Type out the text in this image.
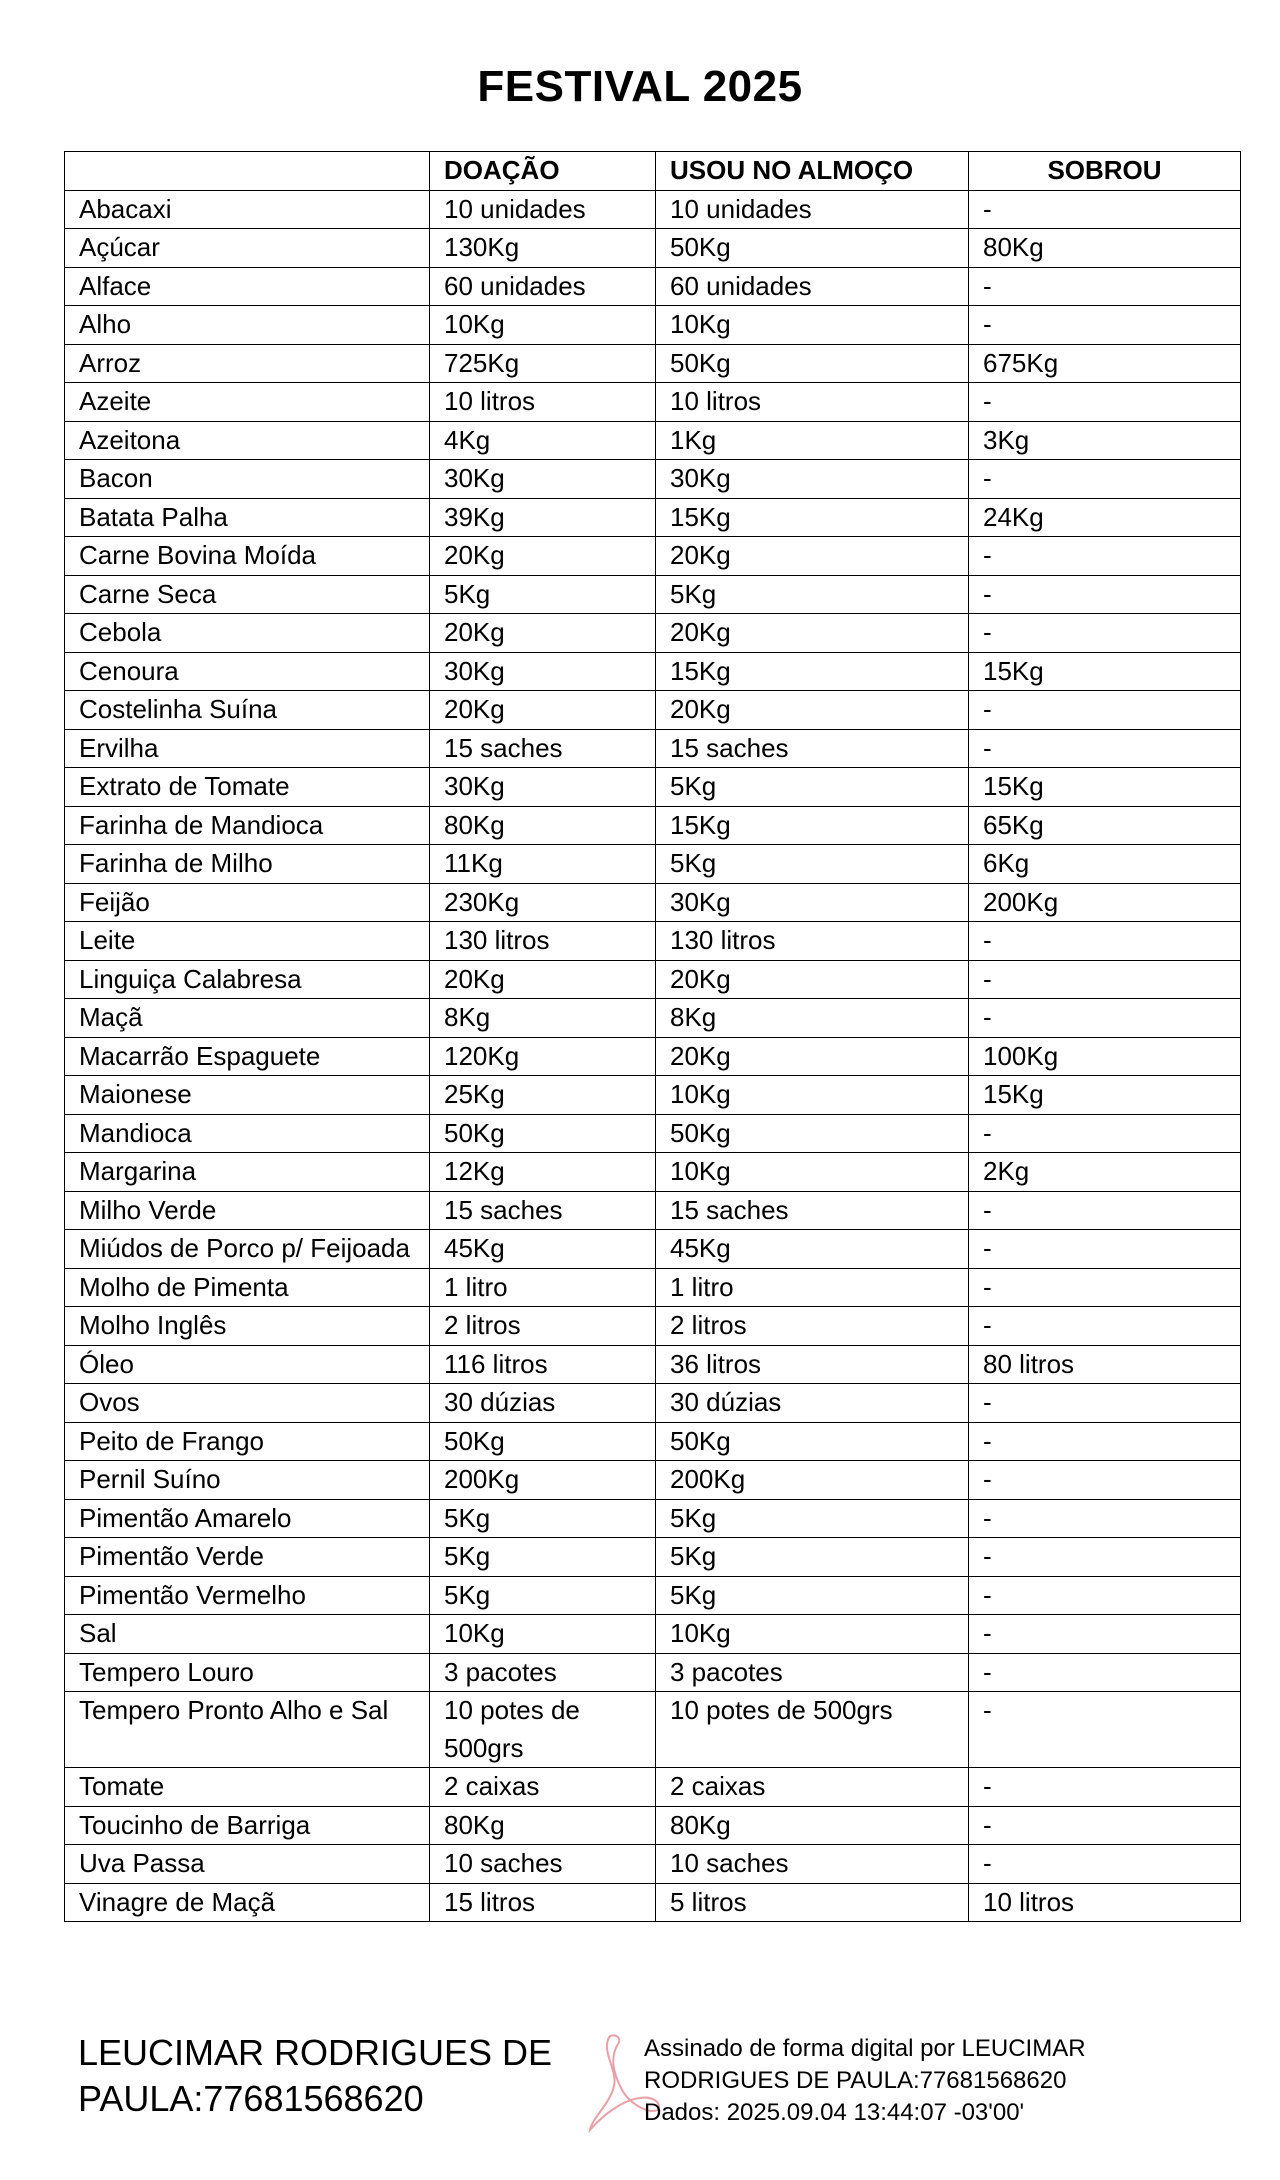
FESTIVAL 2025
	DOAÇÃO	USOU NO ALMOÇO	SOBROU
Abacaxi	10 unidades	10 unidades	-
Açúcar	130Kg	50Kg	80Kg
Alface	60 unidades	60 unidades	-
Alho	10Kg	10Kg	-
Arroz	725Kg	50Kg	675Kg
Azeite	10 litros	10 litros	-
Azeitona	4Kg	1Kg	3Kg
Bacon	30Kg	30Kg	-
Batata Palha	39Kg	15Kg	24Kg
Carne Bovina Moída	20Kg	20Kg	-
Carne Seca	5Kg	5Kg	-
Cebola	20Kg	20Kg	-
Cenoura	30Kg	15Kg	15Kg
Costelinha Suína	20Kg	20Kg	-
Ervilha	15 saches	15 saches	-
Extrato de Tomate	30Kg	5Kg	15Kg
Farinha de Mandioca	80Kg	15Kg	65Kg
Farinha de Milho	11Kg	5Kg	6Kg
Feijão	230Kg	30Kg	200Kg
Leite	130 litros	130 litros	-
Linguiça Calabresa	20Kg	20Kg	-
Maçã	8Kg	8Kg	-
Macarrão Espaguete	120Kg	20Kg	100Kg
Maionese	25Kg	10Kg	15Kg
Mandioca	50Kg	50Kg	-
Margarina	12Kg	10Kg	2Kg
Milho Verde	15 saches	15 saches	-
Miúdos de Porco p/ Feijoada	45Kg	45Kg	-
Molho de Pimenta	1 litro	1 litro	-
Molho Inglês	2 litros	2 litros	-
Óleo	116 litros	36 litros	80 litros
Ovos	30 dúzias	30 dúzias	-
Peito de Frango	50Kg	50Kg	-
Pernil Suíno	200Kg	200Kg	-
Pimentão Amarelo	5Kg	5Kg	-
Pimentão Verde	5Kg	5Kg	-
Pimentão Vermelho	5Kg	5Kg	-
Sal	10Kg	10Kg	-
Tempero Louro	3 pacotes	3 pacotes	-
Tempero Pronto Alho e Sal	10 potes de 500grs	10 potes de 500grs	-
Tomate	2 caixas	2 caixas	-
Toucinho de Barriga	80Kg	80Kg	-
Uva Passa	10 saches	10 saches	-
Vinagre de Maçã	15 litros	5 litros	10 litros
LEUCIMAR RODRIGUES DE
PAULA:77681568620
Assinado de forma digital por LEUCIMAR
RODRIGUES DE PAULA:77681568620
Dados: 2025.09.04 13:44:07 -03'00'
